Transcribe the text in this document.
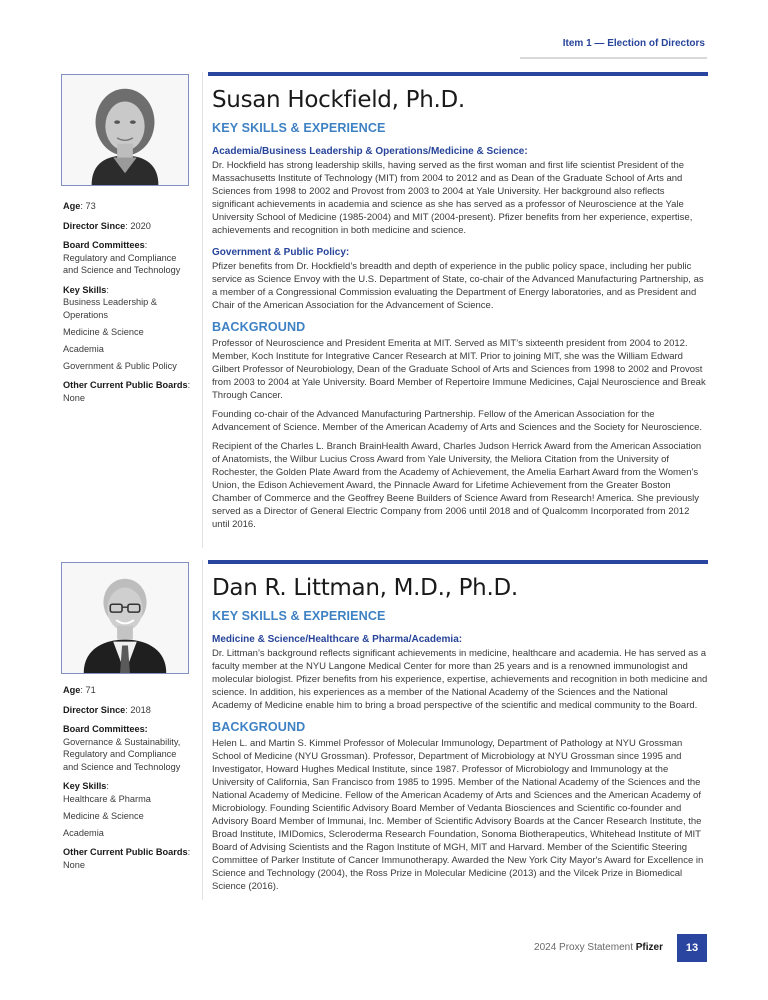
Item 1 — Election of Directors
Age: 73
Director Since: 2020
Board Committees:
Regulatory and Compliance and Science and Technology
Key Skills:
Business Leadership & Operations
Medicine & Science
Academia
Government & Public Policy
Other Current Public Boards:
None
Susan Hockfield, Ph.D.
KEY SKILLS & EXPERIENCE
Academia/Business Leadership & Operations/Medicine & Science:

Dr. Hockfield has strong leadership skills, having served as the first woman and first life scientist President of the Massachusetts Institute of Technology (MIT) from 2004 to 2012 and as Dean of the Graduate School of Arts and Sciences from 1998 to 2002 and Provost from 2003 to 2004 at Yale University. Her background also reflects significant achievements in academia and science as she has served as a professor of Neuroscience at the Yale University School of Medicine (1985-2004) and MIT (2004-present). Pfizer benefits from her experience, expertise, achievements and recognition in both medicine and science.

Government & Public Policy:

Pfizer benefits from Dr. Hockfield’s breadth and depth of experience in the public policy space, including her public service as Science Envoy with the U.S. Department of State, co-chair of the Advanced Manufacturing Partnership, as a member of a Congressional Commission evaluating the Department of Energy laboratories, and as President and Chair of the American Association for the Advancement of Science.

BACKGROUND

Professor of Neuroscience and President Emerita at MIT. Served as MIT’s sixteenth president from 2004 to 2012. Member, Koch Institute for Integrative Cancer Research at MIT. Prior to joining MIT, she was the William Edward Gilbert Professor of Neurobiology, Dean of the Graduate School of Arts and Sciences from 1998 to 2002 and Provost from 2003 to 2004 at Yale University. Board Member of Repertoire Immune Medicines, Cajal Neuroscience and Break Through Cancer.

Founding co-chair of the Advanced Manufacturing Partnership. Fellow of the American Association for the Advancement of Science. Member of the American Academy of Arts and Sciences and the Society for Neuroscience.

Recipient of the Charles L. Branch BrainHealth Award, Charles Judson Herrick Award from the American Association of Anatomists, the Wilbur Lucius Cross Award from Yale University, the Meliora Citation from the University of Rochester, the Golden Plate Award from the Academy of Achievement, the Amelia Earhart Award from the Women’s Union, the Edison Achievement Award, the Pinnacle Award for Lifetime Achievement from the Greater Boston Chamber of Commerce and the Geoffrey Beene Builders of Science Award from Research! America. She previously served as a Director of General Electric Company from 2006 until 2018 and of Qualcomm Incorporated from 2012 until 2016.

Age: 71
Director Since: 2018
Board Committees:
Governance & Sustainability, Regulatory and Compliance and Science and Technology
Key Skills:
Healthcare & Pharma
Medicine & Science
Academia
Other Current Public Boards:
None
Dan R. Littman, M.D., Ph.D.
KEY SKILLS & EXPERIENCE
Medicine & Science/Healthcare & Pharma/Academia:

Dr. Littman’s background reflects significant achievements in medicine, healthcare and academia. He has served as a faculty member at the NYU Langone Medical Center for more than 25 years and is a renowned immunologist and molecular biologist. Pfizer benefits from his experience, expertise, achievements and recognition in both medicine and science. In addition, his experiences as a member of the National Academy of the Sciences and the National Academy of Medicine enable him to bring a broad perspective of the scientific and medical community to the Board.

BACKGROUND

Helen L. and Martin S. Kimmel Professor of Molecular Immunology, Department of Pathology at NYU Grossman School of Medicine (NYU Grossman). Professor, Department of Microbiology at NYU Grossman since 1995 and Investigator, Howard Hughes Medical Institute, since 1987. Professor of Microbiology and Immunology at the University of California, San Francisco from 1985 to 1995. Member of the National Academy of the Sciences and the National Academy of Medicine. Fellow of the American Academy of Arts and Sciences and the American Academy of Microbiology. Founding Scientific Advisory Board Member of Vedanta Biosciences and Scientific co-founder and Advisory Board Member of Immunai, Inc. Member of Scientific Advisory Boards at the Cancer Research Institute, the Broad Institute, IMIDomics, Scleroderma Research Foundation, Sonoma Biotherapeutics, Whitehead Institute of MIT Board of Advising Scientists and the Ragon Institute of MGH, MIT and Harvard. Member of the Scientific Steering Committee of Parker Institute of Cancer Immunotherapy. Awarded the New York City Mayor's Award for Excellence in Science and Technology (2004), the Ross Prize in Molecular Medicine (2013) and the Vilcek Prize in Biomedical Science (2016).

2024 Proxy Statement Pfizer	13
